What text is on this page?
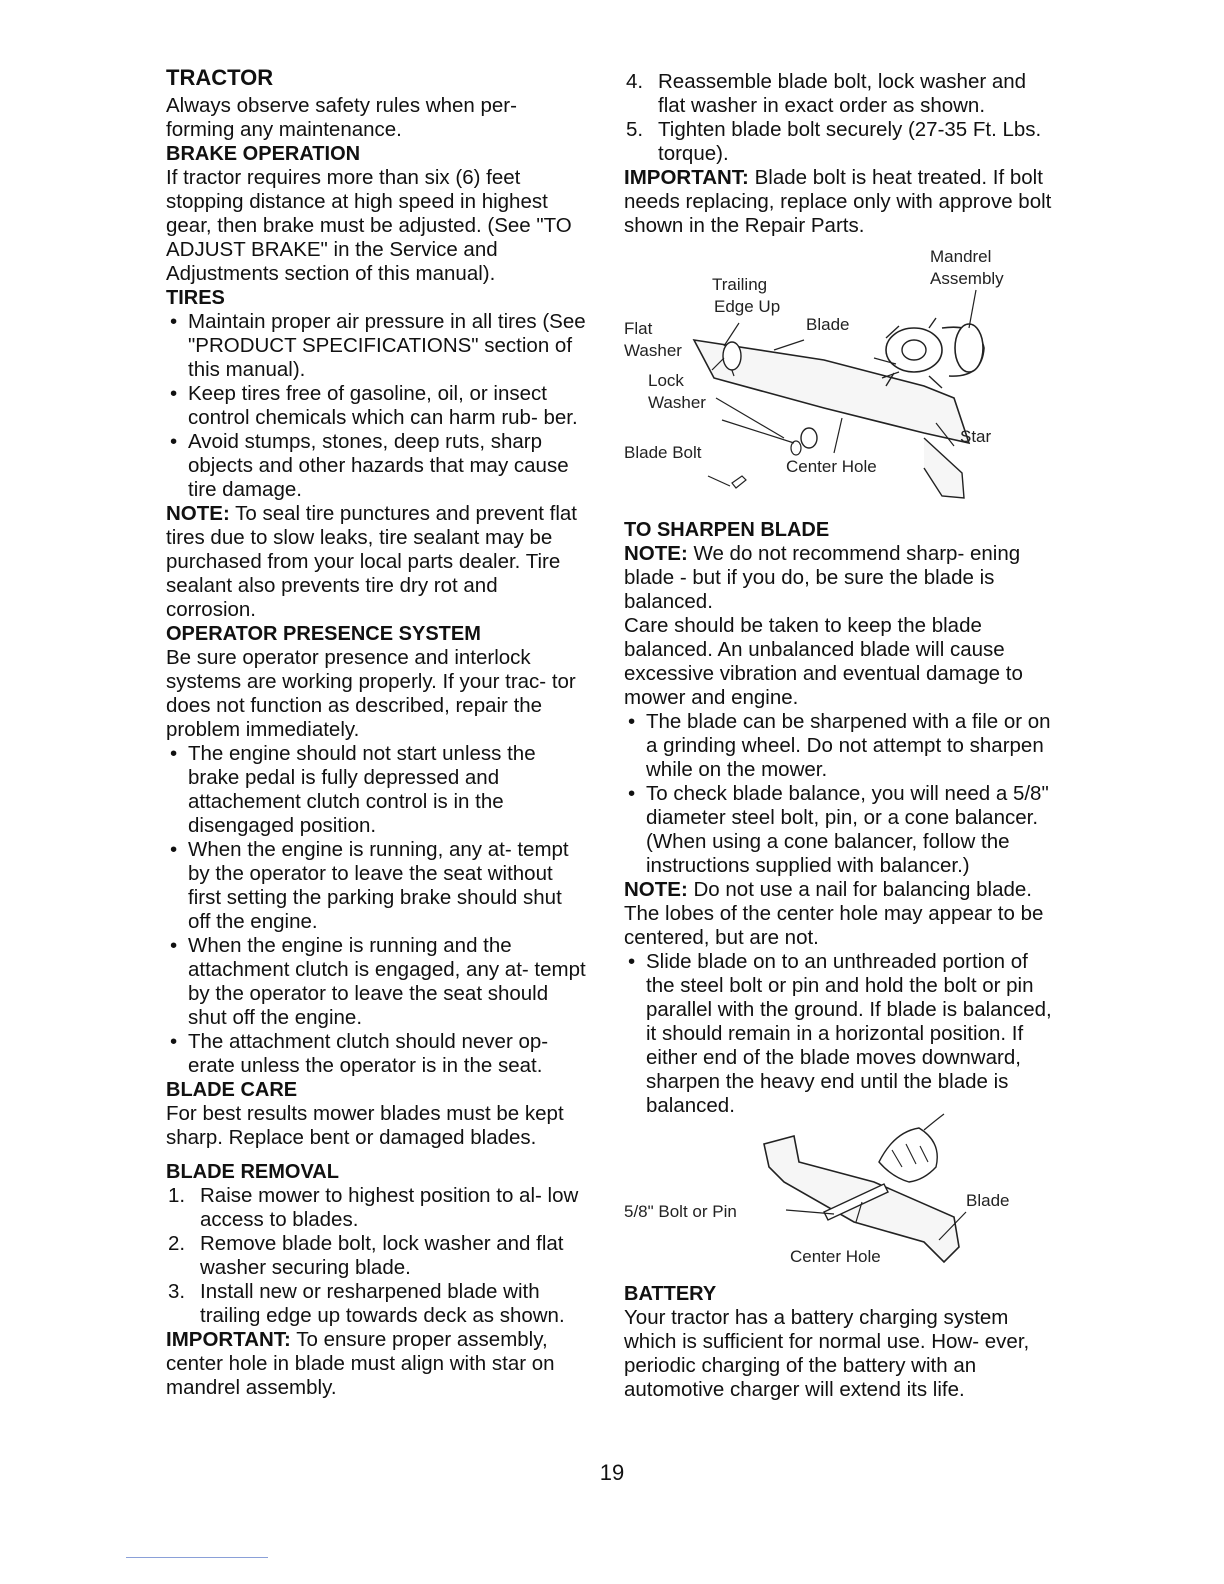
TRACTOR

Always observe safety rules when per- forming any maintenance.

BRAKE OPERATION

If tractor requires more than six (6) feet stopping distance at high speed in highest gear, then brake must be adjusted. (See "TO ADJUST BRAKE" in the Service and Adjustments section of this manual).

TIRES
• Maintain proper air pressure in all tires (See "PRODUCT SPECIFICATIONS" section of this manual).
• Keep tires free of gasoline, oil, or insect control chemicals which can harm rub- ber.
• Avoid stumps, stones, deep ruts, sharp objects and other hazards that may cause tire damage.

NOTE: To seal tire punctures and prevent flat tires due to slow leaks, tire sealant may be purchased from your local parts dealer. Tire sealant also prevents tire dry rot and corrosion.

OPERATOR PRESENCE SYSTEM

Be sure operator presence and interlock systems are working properly. If your trac- tor does not function as described, repair the problem immediately.

• The engine should not start unless the brake pedal is fully depressed and attachement clutch control is in the disengaged position.
• When the engine is running, any at- tempt by the operator to leave the seat without first setting the parking brake should shut off the engine.
• When the engine is running and the attachment clutch is engaged, any at- tempt by the operator to leave the seat should shut off the engine.
• The attachment clutch should never op- erate unless the operator is in the seat.
BLADE CARE

For best results mower blades must be kept sharp. Replace bent or damaged blades.

BLADE REMOVAL
1. Raise mower to highest position to al- low access to blades.
2. Remove blade bolt, lock washer and flat washer securing blade.
3. Install new or resharpened blade with trailing edge up towards deck as shown.

IMPORTANT: To ensure proper assembly, center hole in blade must align with star on mandrel assembly.

4. Reassemble blade bolt, lock washer and flat washer in exact order as shown.
5. Tighten blade bolt securely (27-35 Ft. Lbs. torque).

IMPORTANT: Blade bolt is heat treated. If bolt needs replacing, replace only with approve bolt shown in the Repair Parts.

Mandrel
Assembly
Trailing
Edge Up
Blade
Flat
Washer
Lock
Washer
Star
Blade Bolt
Center Hole
TO SHARPEN BLADE

NOTE: We do not recommend sharp- ening blade - but if you do, be sure the blade is balanced.

Care should be taken to keep the blade balanced. An unbalanced blade will cause excessive vibration and eventual damage to mower and engine.

• The blade can be sharpened with a file or on a grinding wheel. Do not attempt to sharpen while on the mower.
• To check blade balance, you will need a 5/8" diameter steel bolt, pin, or a cone balancer. (When using a cone balancer, follow the instructions supplied with balancer.)

NOTE: Do not use a nail for balancing blade. The lobes of the center hole may appear to be centered, but are not.

• Slide blade on to an unthreaded portion of the steel bolt or pin and hold the bolt or pin parallel with the ground. If blade is balanced, it should remain in a horizontal position. If either end of the blade moves downward, sharpen the heavy end until the blade is balanced.
5/8" Bolt or Pin
Blade
Center Hole
BATTERY

Your tractor has a battery charging system which is sufficient for normal use. How- ever, periodic charging of the battery with an automotive charger will extend its life.

19
